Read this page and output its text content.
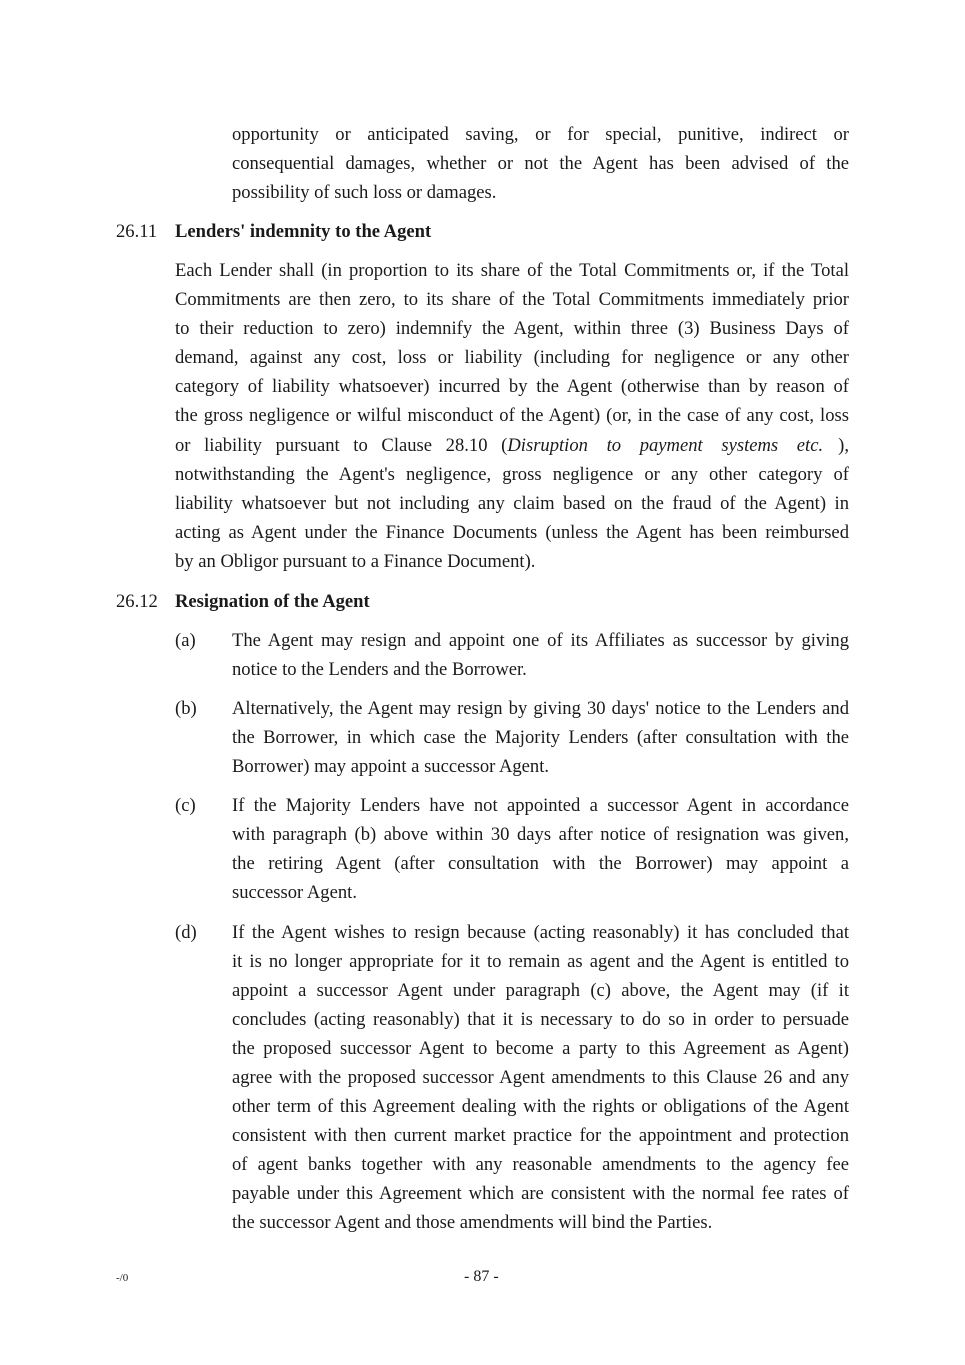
opportunity or anticipated saving, or for special, punitive, indirect or
consequential damages, whether or not the Agent has been advised of the
possibility of such loss or damages.
26.11 Lenders' indemnity to the Agent
Each Lender shall (in proportion to its share of the Total Commitments or, if the Total
Commitments are then zero, to its share of the Total Commitments immediately prior
to their reduction to zero) indemnify the Agent, within three (3) Business Days of
demand, against any cost, loss or liability (including for negligence or any other
category of liability whatsoever) incurred by the Agent (otherwise than by reason of
the gross negligence or wilful misconduct of the Agent) (or, in the case of any cost, loss
or liability pursuant to Clause 28.10 ( Disruption to payment systems etc. ),
notwithstanding the Agent's negligence, gross negligence or any other category of
liability whatsoever but not including any claim based on the fraud of the Agent) in
acting as Agent under the Finance Documents (unless the Agent has been reimbursed
by an Obligor pursuant to a Finance Document).
26.12 Resignation of the Agent
(a) The Agent may resign and appoint one of its Affiliates as successor by giving
notice to the Lenders and the Borrower.
(b) Alternatively, the Agent may resign by giving 30 days' notice to the Lenders and
the Borrower, in which case the Majority Lenders (after consultation with the
Borrower) may appoint a successor Agent.
(c) If the Majority Lenders have not appointed a successor Agent in accordance
with paragraph (b) above within 30 days after notice of resignation was given,
the retiring Agent (after consultation with the Borrower) may appoint a
successor Agent.
(d) If the Agent wishes to resign because (acting reasonably) it has concluded that
it is no longer appropriate for it to remain as agent and the Agent is entitled to
appoint a successor Agent under paragraph (c) above, the Agent may (if it
concludes (acting reasonably) that it is necessary to do so in order to persuade
the proposed successor Agent to become a party to this Agreement as Agent)
agree with the proposed successor Agent amendments to this Clause 26 and any
other term of this Agreement dealing with the rights or obligations of the Agent
consistent with then current market practice for the appointment and protection
of agent banks together with any reasonable amendments to the agency fee
payable under this Agreement which are consistent with the normal fee rates of
the successor Agent and those amendments will bind the Parties.
-/0	- 87 -
